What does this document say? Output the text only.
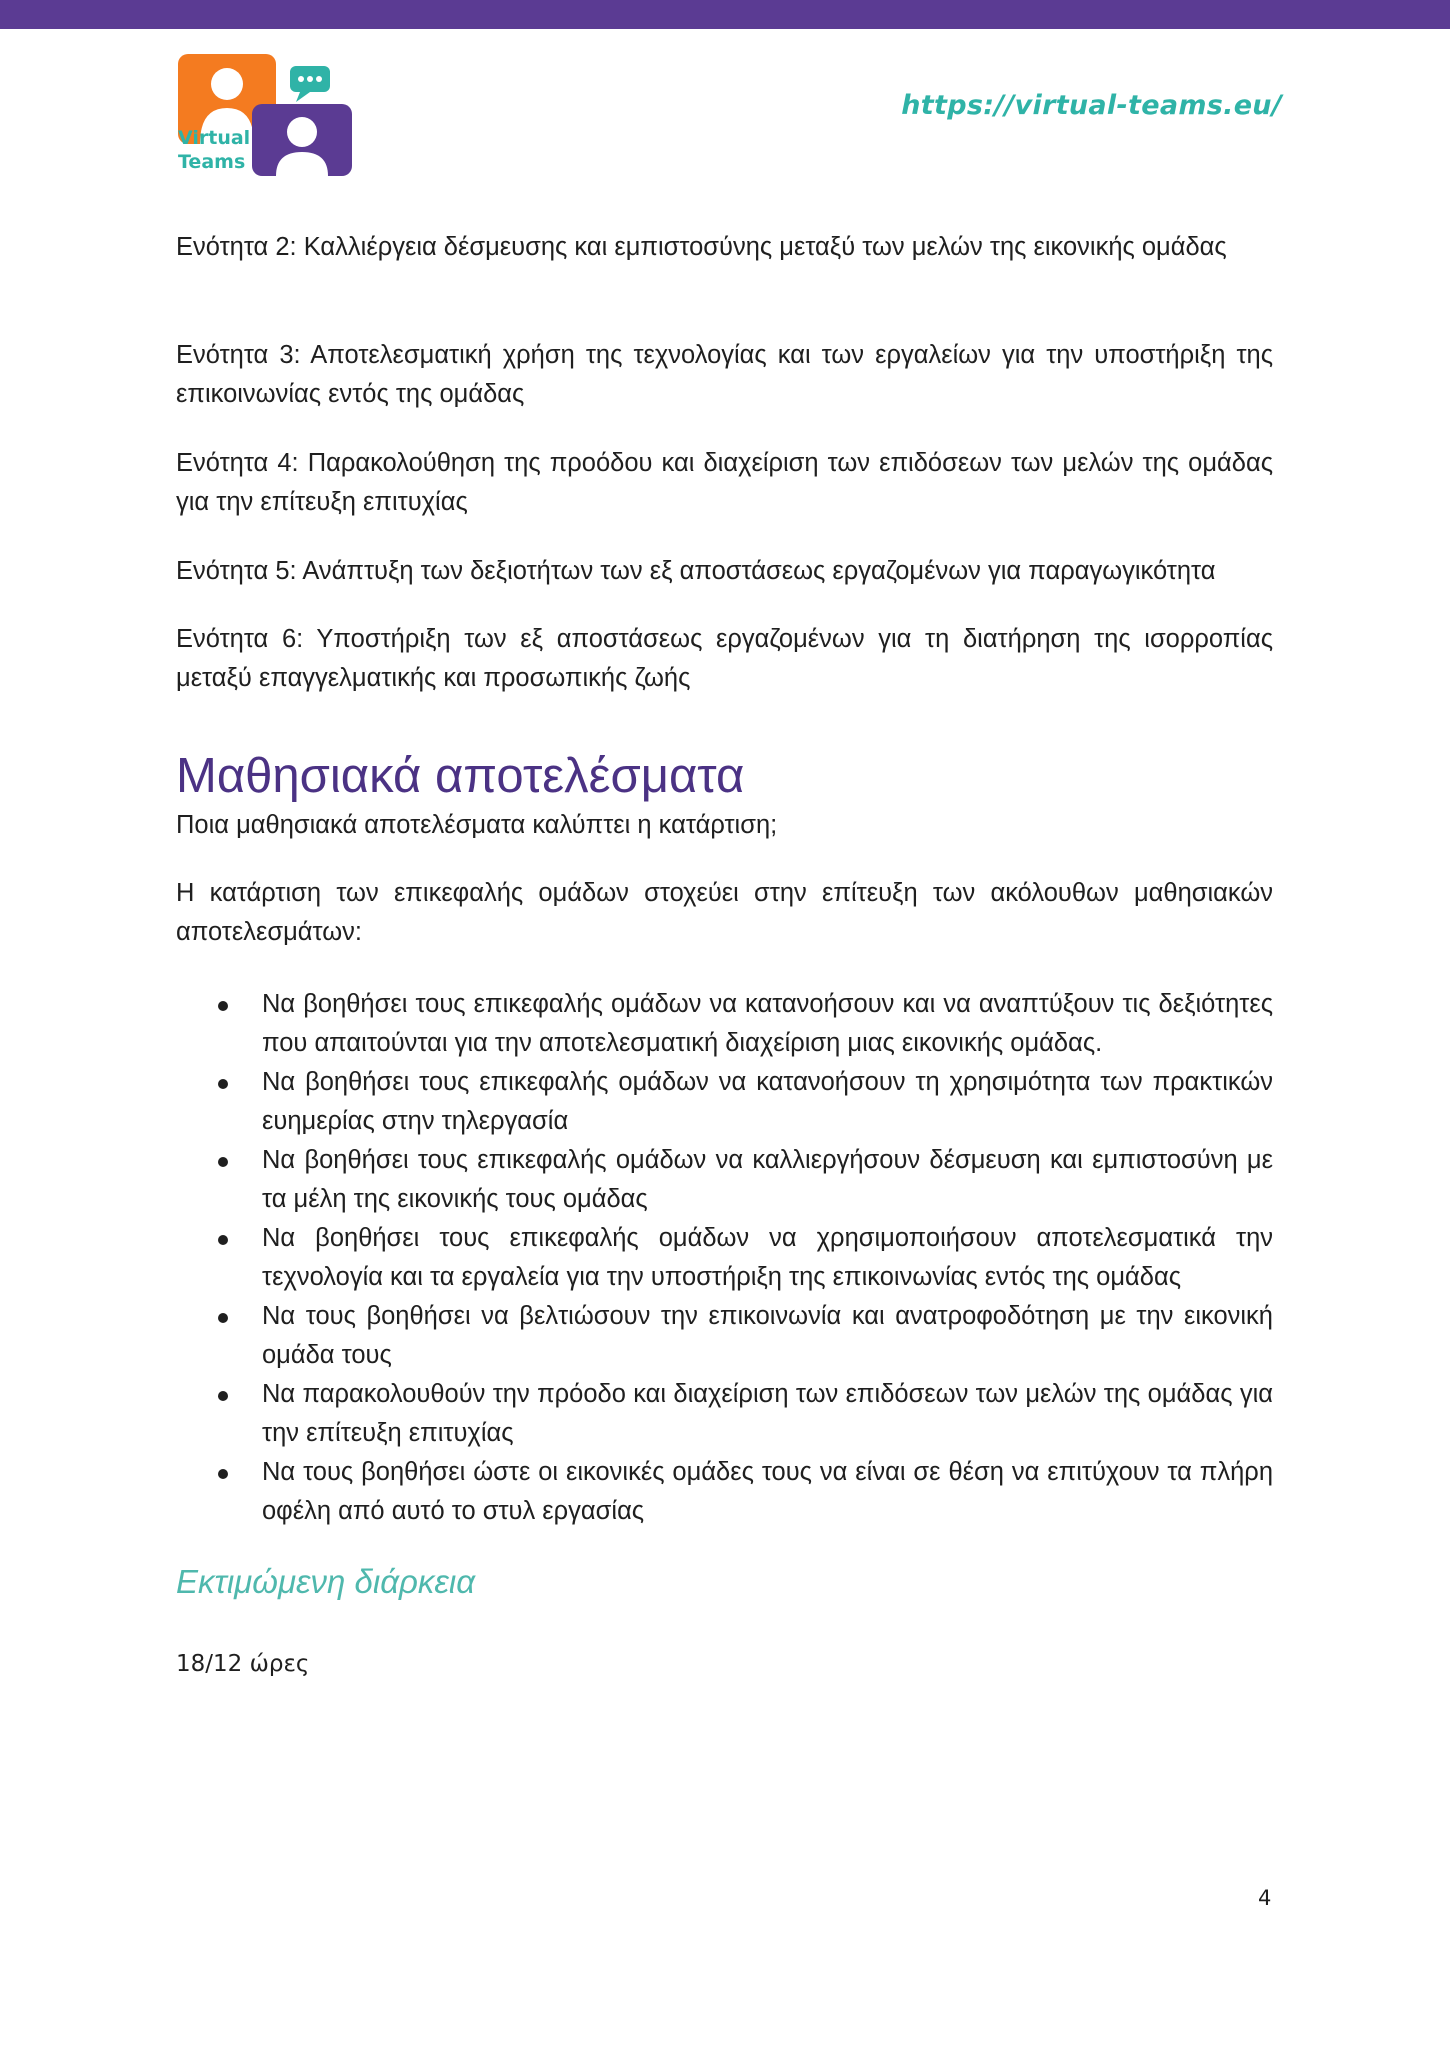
Virtual
Teams
https://virtual-teams.eu/

Ενότητα 2: Καλλιέργεια δέσμευσης και εμπιστοσύνης μεταξύ των μελών της εικονικής ομάδας

Ενότητα 3: Αποτελεσματική χρήση της τεχνολογίας και των εργαλείων για την υποστήριξη της επικοινωνίας εντός της ομάδας

Ενότητα 4: Παρακολούθηση της προόδου και διαχείριση των επιδόσεων των μελών της ομάδας για την επίτευξη επιτυχίας

Ενότητα 5: Ανάπτυξη των δεξιοτήτων των εξ αποστάσεως εργαζομένων για παραγωγικότητα

Ενότητα 6: Υποστήριξη των εξ αποστάσεως εργαζομένων για τη διατήρηση της ισορροπίας μεταξύ επαγγελματικής και προσωπικής ζωής

Μαθησιακά αποτελέσματα

Ποια μαθησιακά αποτελέσματα καλύπτει η κατάρτιση;

Η κατάρτιση των επικεφαλής ομάδων στοχεύει στην επίτευξη των ακόλουθων μαθησιακών αποτελεσμάτων:

Να βοηθήσει τους επικεφαλής ομάδων να κατανοήσουν και να αναπτύξουν τις δεξιότητες που απαιτούνται για την αποτελεσματική διαχείριση μιας εικονικής ομάδας.
Να βοηθήσει τους επικεφαλής ομάδων να κατανοήσουν τη χρησιμότητα των πρακτικών ευημερίας στην τηλεργασία
Να βοηθήσει τους επικεφαλής ομάδων να καλλιεργήσουν δέσμευση και εμπιστοσύνη με τα μέλη της εικονικής τους ομάδας
Να βοηθήσει τους επικεφαλής ομάδων να χρησιμοποιήσουν αποτελεσματικά την τεχνολογία και τα εργαλεία για την υποστήριξη της επικοινωνίας εντός της ομάδας
Να τους βοηθήσει να βελτιώσουν την επικοινωνία και ανατροφοδότηση με την εικονική ομάδα τους
Να παρακολουθούν την πρόοδο και διαχείριση των επιδόσεων των μελών της ομάδας για την επίτευξη επιτυχίας
Να τους βοηθήσει ώστε οι εικονικές ομάδες τους να είναι σε θέση να επιτύχουν τα πλήρη οφέλη από αυτό το στυλ εργασίας
Εκτιμώμενη διάρκεια

18/12 ώρες

4
